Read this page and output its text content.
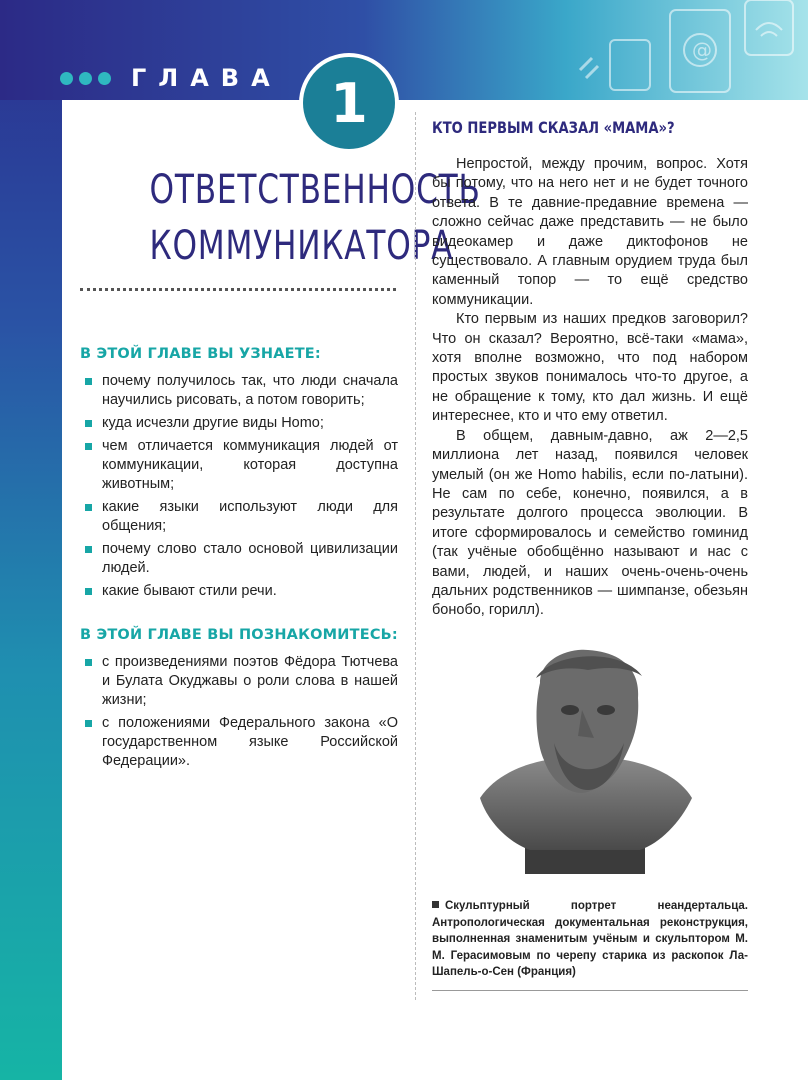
@
ГЛАВА 1
ОТВЕТСТВЕННОСТЬ
КОММУНИКАТОРА
В ЭТОЙ ГЛАВЕ ВЫ УЗНАЕТЕ:
почему получилось так, что люди сначала научились рисовать, а потом говорить;
куда исчезли другие виды Homo;
чем отличается коммуникация людей от коммуникации, которая доступна животным;
какие языки используют люди для общения;
почему слово стало основой цивилизации людей.
какие бывают стили речи.
В ЭТОЙ ГЛАВЕ ВЫ ПОЗНАКОМИТЕСЬ:
с произведениями поэтов Фёдора Тютчева и Булата Окуджавы о роли слова в нашей жизни;
с положениями Федерального закона «О государственном языке Российской Федерации».
КТО ПЕРВЫМ СКАЗАЛ «МАМА»?

Непростой, между прочим, вопрос. Хотя бы потому, что на него нет и не будет точного ответа. В те давние-предавние времена — сложно сейчас даже представить — не было видеокамер и даже диктофонов не существовало. А главным орудием труда был каменный топор — то ещё средство коммуникации.

Кто первым из наших предков заговорил? Что он сказал? Вероятно, всё-таки «мама», хотя вполне возможно, что под набором простых звуков понималось что-то другое, а не обращение к тому, кто дал жизнь. И ещё интереснее, кто и что ему ответил.

В общем, давным-давно, аж 2—2,5 миллиона лет назад, появился человек умелый (он же Homo habilis, если по-латыни). Не сам по себе, конечно, появился, а в результате долгого процесса эволюции. В итоге сформировалось и семейство гоминид (так учёные обобщённо называют и нас с вами, людей, и наших очень-очень-очень дальних родственников — шимпанзе, обезьян бонобо, горилл).

Скульптурный портрет неандертальца. Антропологическая документальная реконструкция, выполненная знаменитым учёным и скульптором М. М. Герасимовым по черепу старика из раскопок Ла-Шапель-о-Сен (Франция)
